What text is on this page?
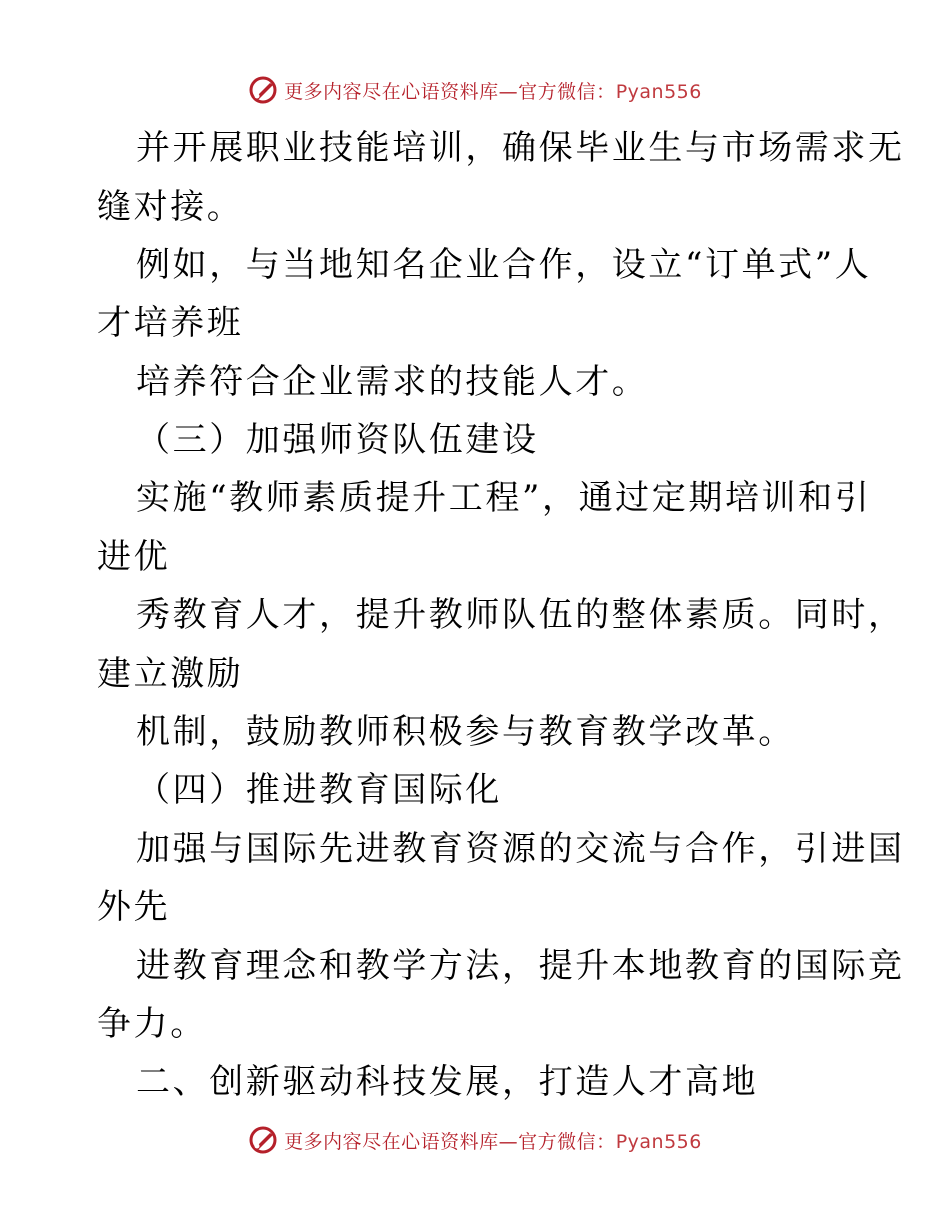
更多内容尽在心语资料库—官方微信：Pyan556
并开展职业技能培训，确保毕业生与市场需求无
缝对接。
例如，与当地知名企业合作，设立“订单式”人
才培养班
培养符合企业需求的技能人才。
（三）加强师资队伍建设
实施“教师素质提升工程”，通过定期培训和引
进优
秀教育人才，提升教师队伍的整体素质。同时，
建立激励
机制，鼓励教师积极参与教育教学改革。
（四）推进教育国际化
加强与国际先进教育资源的交流与合作，引进国
外先
进教育理念和教学方法，提升本地教育的国际竞
争力。
二、创新驱动科技发展，打造人才高地
更多内容尽在心语资料库—官方微信：Pyan556
